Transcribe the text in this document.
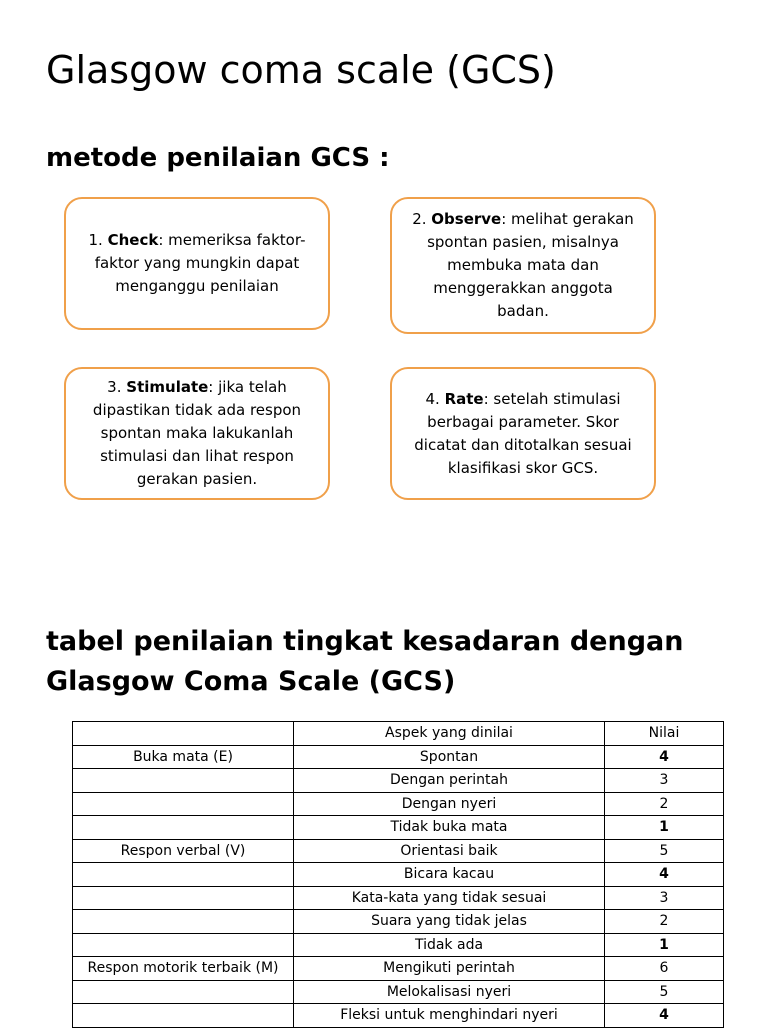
Glasgow coma scale (GCS)
metode penilaian GCS :
1. Check: memeriksa faktor-faktor yang mungkin dapat menganggu penilaian
2. Observe: melihat gerakan spontan pasien, misalnya membuka mata dan menggerakkan anggota badan.
3. Stimulate: jika telah dipastikan tidak ada respon spontan maka lakukanlah stimulasi dan lihat respon gerakan pasien.
4. Rate: setelah stimulasi berbagai parameter. Skor dicatat dan ditotalkan sesuai klasifikasi skor GCS.
tabel penilaian tingkat kesadaran dengan Glasgow Coma Scale (GCS)
	Aspek yang dinilai	Nilai
Buka mata (E)	Spontan	4
	Dengan perintah	3
	Dengan nyeri	2
	Tidak buka mata	1
Respon verbal (V)	Orientasi baik	5
	Bicara kacau	4
	Kata-kata yang tidak sesuai	3
	Suara yang tidak jelas	2
	Tidak ada	1
Respon motorik terbaik (M)	Mengikuti perintah	6
	Melokalisasi nyeri	5
	Fleksi untuk menghindari nyeri	4
